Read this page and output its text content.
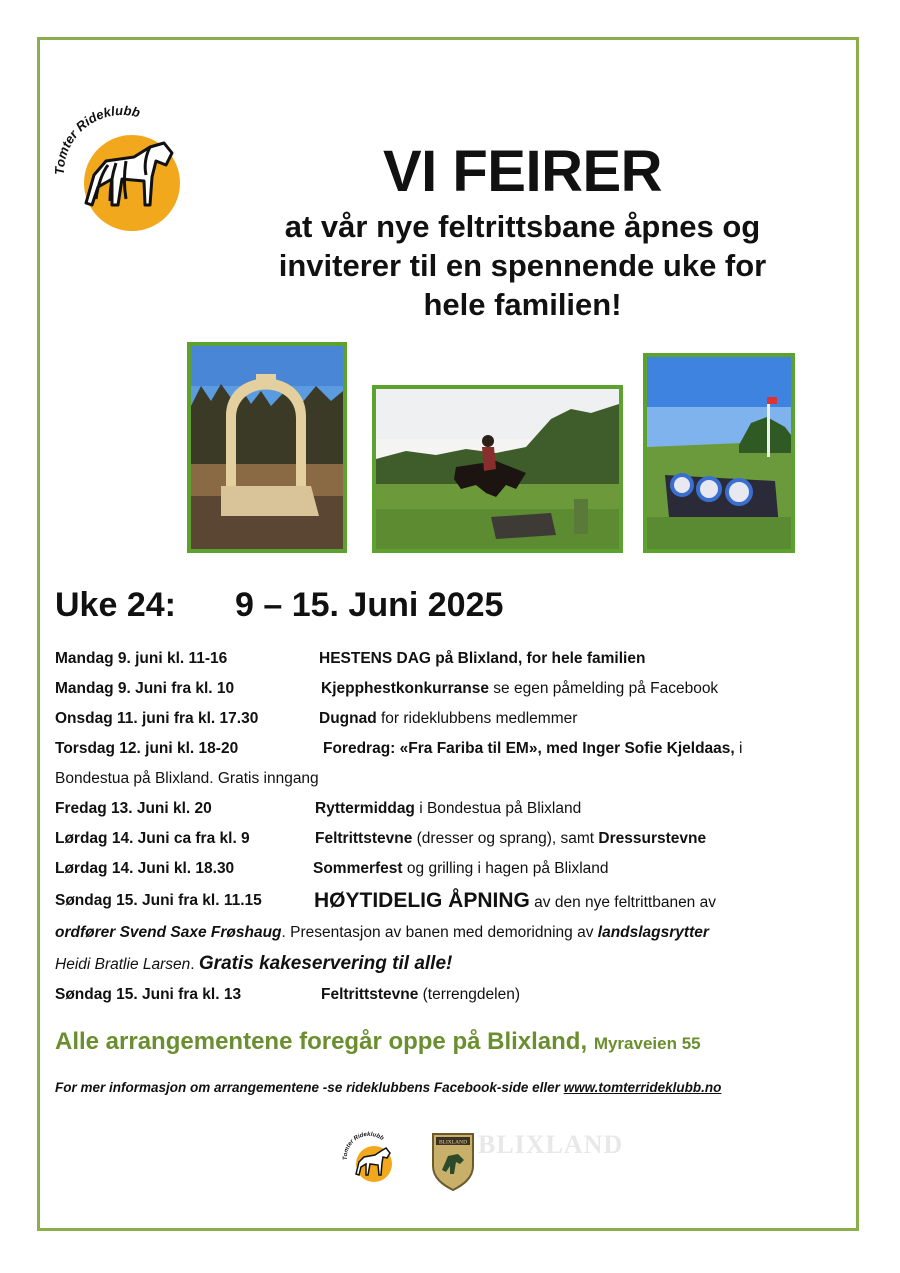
Tomter Rideklubb
VI FEIRER
at vår nye feltrittsbane åpnes og
inviterer til en spennende uke for
hele familien!
Uke 24: 9 – 15. Juni 2025
Mandag 9. juni kl. 11-16	HESTENS DAG på Blixland, for hele familien
Mandag 9. Juni fra kl. 10	Kjepphestkonkurranse se egen påmelding på Facebook
Onsdag 11. juni fra kl. 17.30	Dugnad for rideklubbens medlemmer
Torsdag 12. juni kl. 18-20	Foredrag: «Fra Fariba til EM», med Inger Sofie Kjeldaas, i
Bondestua på Blixland. Gratis inngang
Fredag 13. Juni kl. 20	Ryttermiddag i Bondestua på Blixland
Lørdag 14. Juni ca fra kl. 9	Feltrittstevne (dresser og sprang), samt Dressurstevne
Lørdag 14. Juni kl. 18.30	Sommerfest og grilling i hagen på Blixland
Søndag 15. Juni fra kl. 11.15 HØYTIDELIG ÅPNING av den nye feltrittbanen av
ordfører Svend Saxe Frøshaug. Presentasjon av banen med demoridning av landslagsrytter
Heidi Bratlie Larsen. Gratis kakeservering til alle!
Søndag 15. Juni fra kl. 13	Feltrittstevne (terrengdelen)
Alle arrangementene foregår oppe på Blixland, Myraveien 55
For mer informasjon om arrangementene -se rideklubbens Facebook-side eller www.tomterrideklubb.no
Tomter Rideklubb
BLIXLAND BLIXLAND
